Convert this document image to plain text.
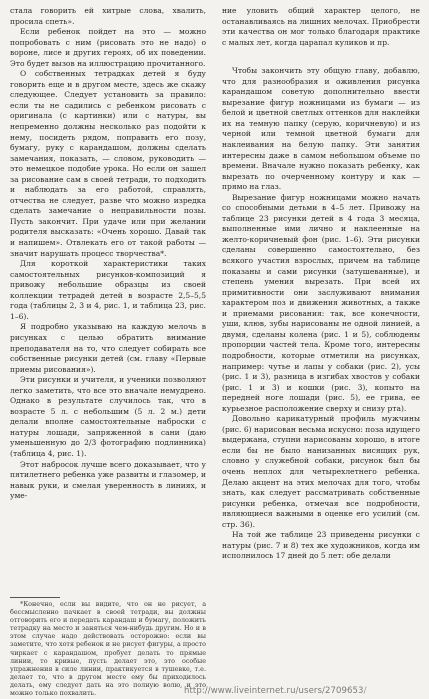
стала говорить ей хитрые слова, хвалить, просила спеть».

Если ребенок пойдет на это — можно попробовать с ним (рисовать это не надо) о вороне, лисе и других героях, об их поведении. Это будет вызов на иллюстрацию прочитанного.

О собственных тетрадках детей я буду говорить еще и в другом месте, здесь же скажу следующее. Следует установить за правило: если ты не садились с ребенком рисовать с оригинала (с картинки) или с натуры, вы непременно должны несколько раз подойти к нему, посидеть рядом, поправить его позу, бумагу, руку с карандашом, должны сделать замечания, показать, — словом, руководить — это немецкое подобие урока. Но если он зашел за рисование сам в своей тетради, то подходить и наблюдать за его работой, справлять, отчества не следует, разве что можно изредка сделать замечание о неправильности позы. Пусть закончит. При удаче или при желании родителя высказать: «Очень хорошо. Давай так и напишем». Отвлекать его от такой работы — значит нарушать процесс творчества*.

Для короткой характеристики таких самостоятельных рисунков-композиций я привожу небольшие образцы из своей коллекции тетрадей детей в возрасте 2,5–5,5 года (таблицы 2, 3 и 4, рис. 1, и таблица 23, рис. 1–6).

Я подробно указываю на каждую мелочь в рисунках с целью обратить внимание преподавателя на то, что следует собирать все собственные рисунки детей (см. главу «Первые приемы рисования»).

Эти рисунки и учителя, и ученики позволяют легко заметить, что все это вначале немудрено. Однако в результате случилось так, что в возрасте 5 л. с небольшим (5 л. 2 м.) дети делали вполне самостоятельные наброски с натуры лошади, запряженной в сани (даю уменьшенную до 2/3 фотографию подлинника) (таблица 4, рис. 1).

Этот набросок лучше всего доказывает, что у пятилетнего ребенка уже развиты и глазомер, и навык руки, и смелая уверенность в линиях, и уме-

*Конечно, если вы видите, что он не рисует, а бессмысленно пачкает в своей тетради, вы должны отговорить его и передать карандаш и бумагу, положить тетрадку на место и заняться чем-нибудь другим. Но и в этом случае надо действовать осторожно: если вы заметите, что хотя ребенок и не рисует фигуры, а просто чиркает с карандашом, пробует делать то прямые линии, то кривые, пусть делает это, это особые упражнения в силе линии, практикуется в тушевке, т.е. делает то, что в другом месте ему бы приходилось делать, ему следует дать на это полную волю, и это можно только похвалить.

ние уловить общий характер целого, не останавливаясь на лишних мелочах. Приобрести эти качества он мог только благодаря практике с малых лет, когда царапал куликов и пр.

Чтобы закончить эту общую главу, добавлю, что для разнообразия и оживления рисунка карандашом советую дополнительно ввести вырезание фигур ножницами из бумаги — из белой и цветной светлых оттенков для наклейки их на темную папку (серую, коричневую) и из черной или темной цветной бумаги для наклеивания на белую папку. Эти занятия интересны даже в самом небольшом объеме по времени. Вначале нужно показать ребенку, как вырезать по очерченному контуру и как — прямо на глаз.

Вырезание фигур ножницами можно начать со способными детьми в 4–5 лет. Привожу на таблице 23 рисунки детей в 4 года 3 месяца, выполненные ими лично и наклеенные на желто-коричневый фон (рис. 1–6). Эти рисунки сделаны совершенно самостоятельно, без всякого участия взрослых, причем на таблице показаны и сами рисунки (затушеванные), и степень умения вырезать. При всей их примитивности они заслуживают внимания характером поз и движения животных, а также и приемами рисования: так, все конечности, уши, клюв, зубы нарисованы не одной линией, а двумя, сделаны колена (рис. 1 и 5), соблюдены пропорции частей тела. Кроме того, интересны подробности, которые отметили на рисунках, например: чутье и лапы у собаки (рис. 2), усы (рис. 1 и 3), разница в изгибах хвостов у собаки (рис. 1 и 3) и кошки (рис. 3), копыто на передней ноге лошади (рис. 5), ее грива, ее курьезное расположение сверху и снизу рта).

Довольно карикатурный профиль мужчины (рис. 6) нарисован весьма искусно: поза идущего выдержана, ступни нарисованы хорошо, в итоге если бы не было нанизанных висящих рук, словно у служебной собаки, рисунок был бы очень неплох для четырехлетнего ребенка. Делаю акцент на этих мелочах для того, чтобы знать, как следует рассматривать собственные рисунки ребенка, отмечая все подробности, являющиеся важными в оценке его усилий (см. стр. 36).

На той же таблице 23 приведены рисунки с натуры (рис. 7 и 8) тех же художников, когда им исполнилось 17 дней до 5 лет: обе делали

http://www.liveinternet.ru/users/2709653/
